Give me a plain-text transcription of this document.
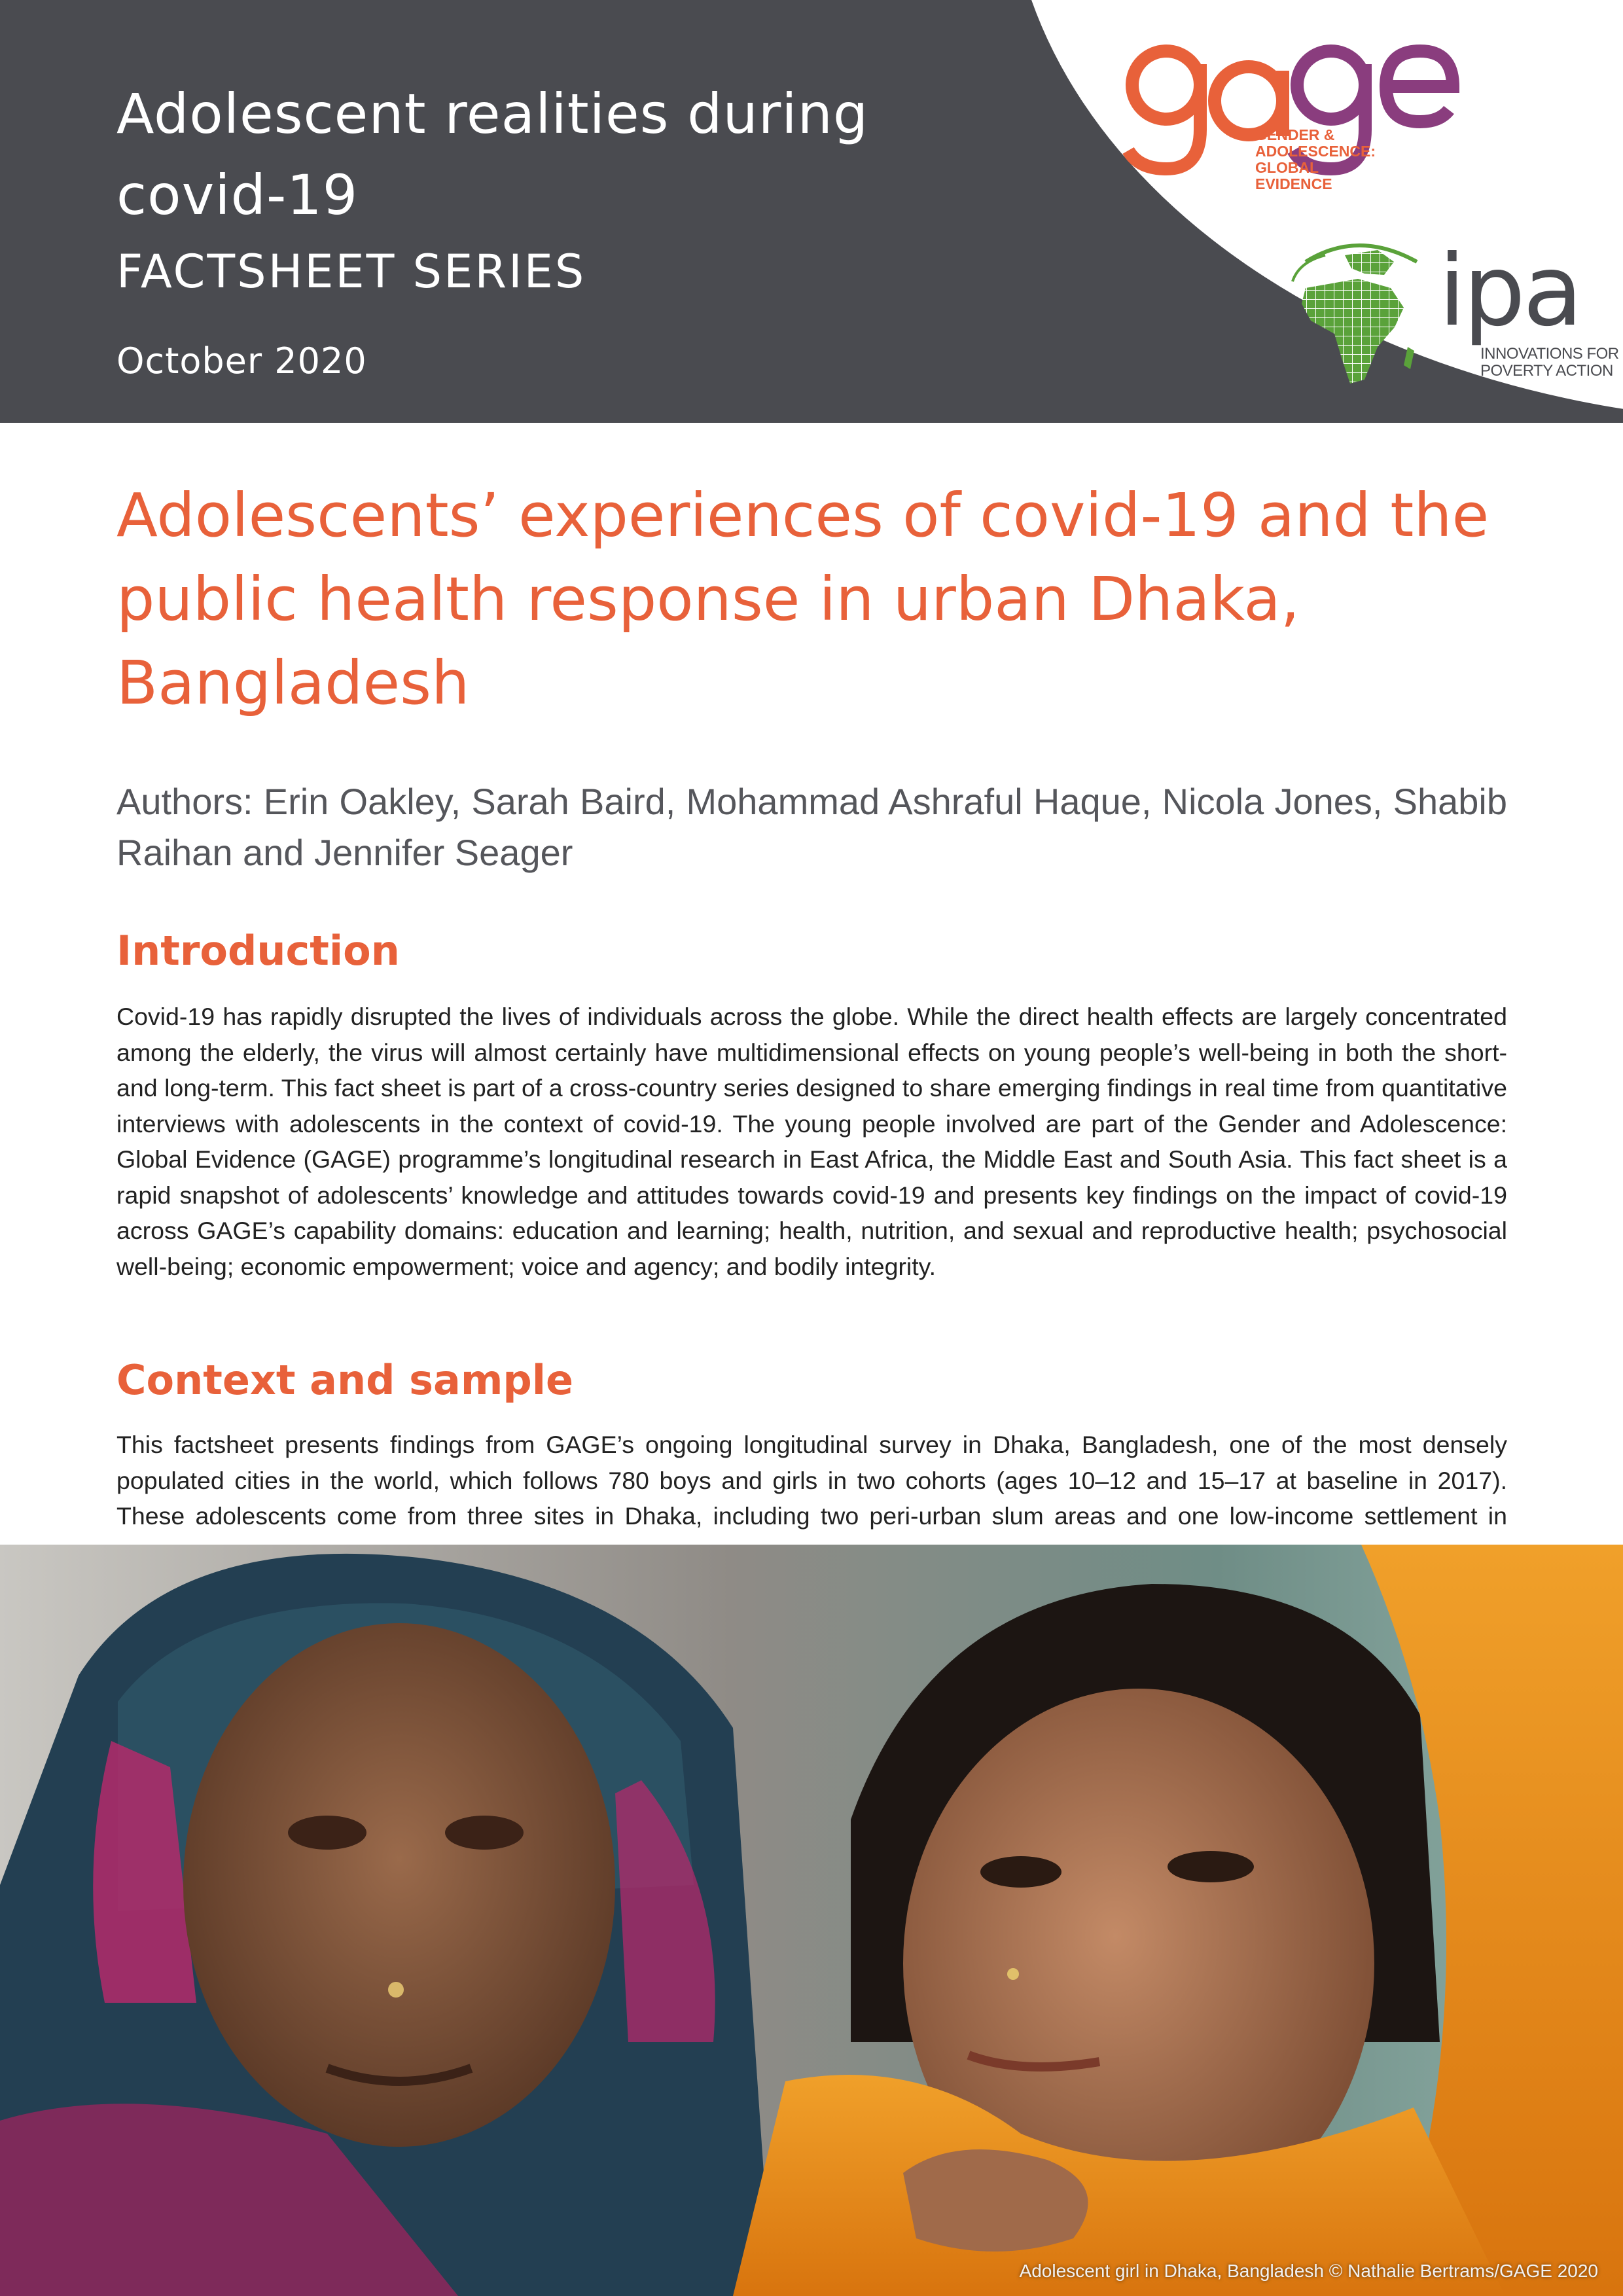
Adolescent realities during covid-19
FACTSHEET SERIES
October 2020
GENDER &
ADOLESCENCE:
GLOBAL
EVIDENCE
ipa
INNOVATIONS FOR
POVERTY ACTION
Adolescents’ experiences of covid-19 and the public health response in urban Dhaka, Bangladesh

Authors: Erin Oakley, Sarah Baird, Mohammad Ashraful Haque, Nicola Jones, Shabib Raihan and Jennifer Seager

Introduction

Covid-19 has rapidly disrupted the lives of individuals across the globe. While the direct health effects are largely concentrated among the elderly, the virus will almost certainly have multidimensional effects on young people’s well-being in both the short- and long-term. This fact sheet is part of a cross-country series designed to share emerging findings in real time from quantitative interviews with adolescents in the context of covid-19. The young people involved are part of the Gender and Adolescence: Global Evidence (GAGE) programme’s longitudinal research in East Africa, the Middle East and South Asia. This fact sheet is a rapid snapshot of adolescents’ knowledge and attitudes towards covid-19 and presents key findings on the impact of covid-19 across GAGE’s capability domains: education and learning; health, nutrition, and sexual and reproductive health; psychosocial well-being; economic empowerment; voice and agency; and bodily integrity.

Context and sample

This factsheet presents findings from GAGE’s ongoing longitudinal survey in Dhaka, Bangladesh, one of the most densely populated cities in the world, which follows 780 boys and girls in two cohorts (ages 10–12 and 15–17 at baseline in 2017). These adolescents come from three sites in Dhaka, including two peri-urban slum areas and one low-income settlement in

Adolescent girl in Dhaka, Bangladesh © Nathalie Bertrams/GAGE 2020
